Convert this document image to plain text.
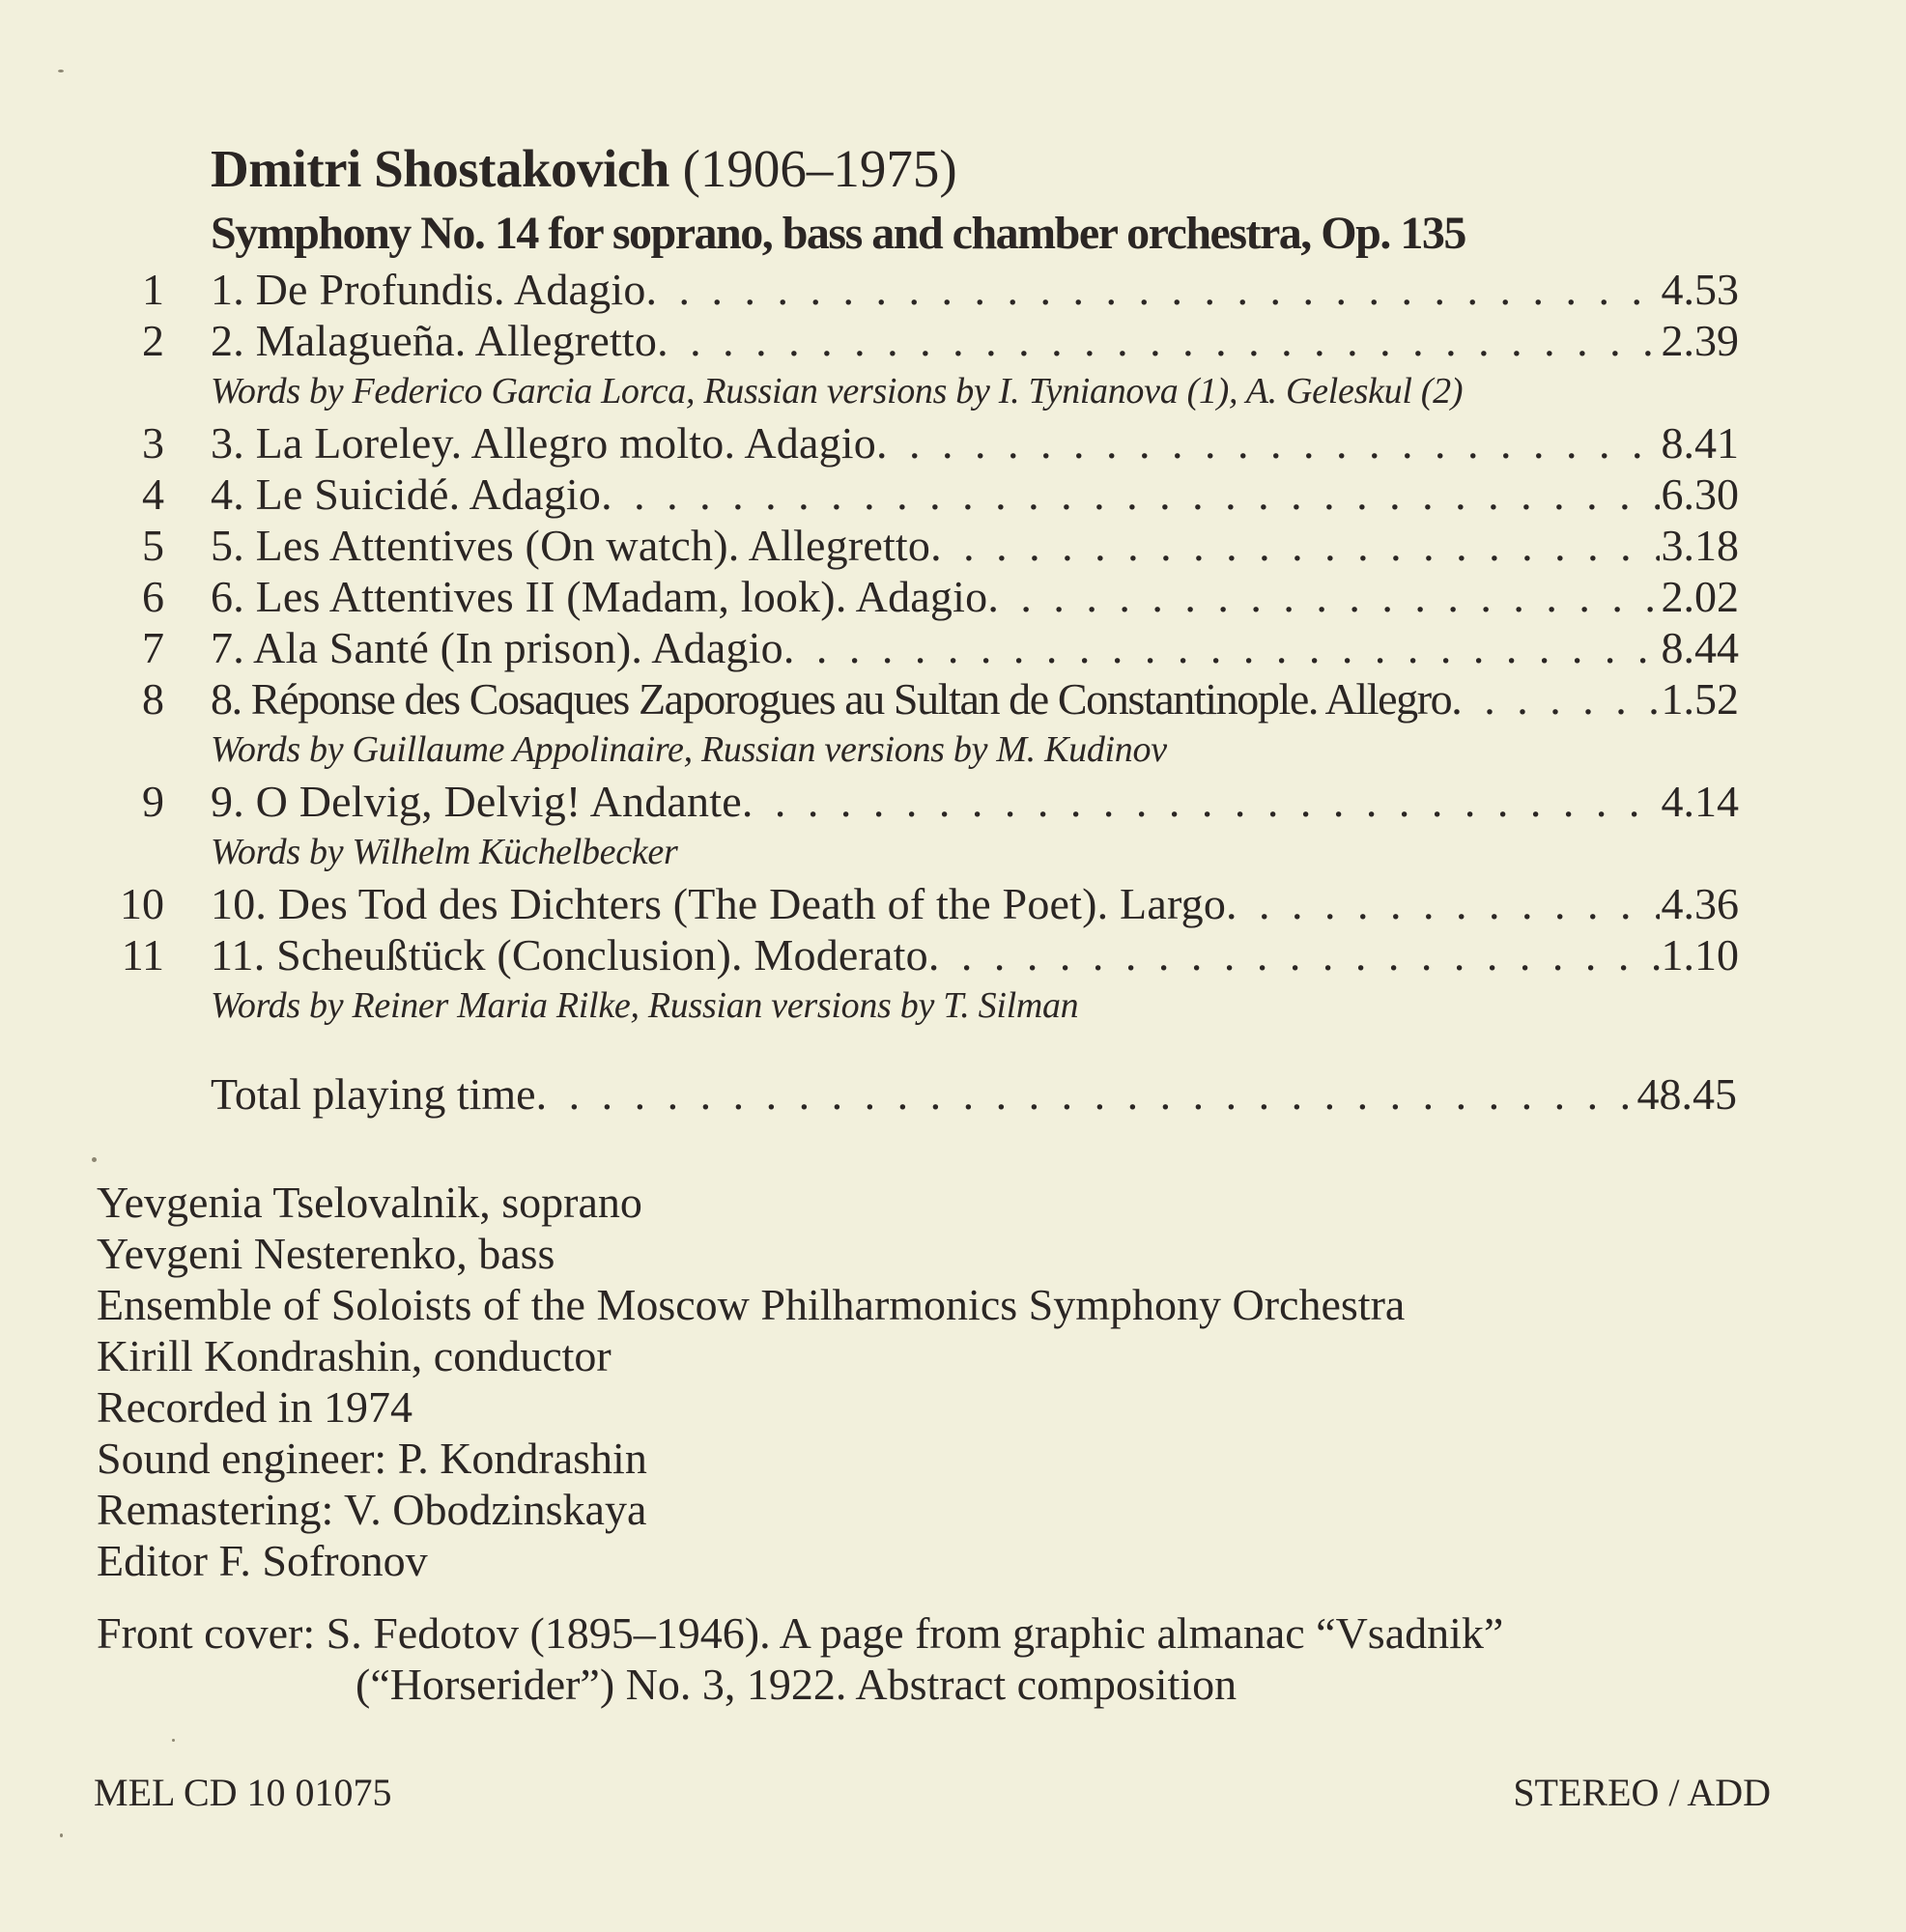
Dmitri Shostakovich (1906–1975)
Symphony No. 14 for soprano, bass and chamber orchestra, Op. 135
1 1. De Profundis. Adagio . . .	4.53
2 2. Malagueña. Allegretto . . .	2.39
Words by Federico Garcia Lorca, Russian versions by I. Tynianova (1), A. Geleskul (2)
3 3. La Loreley. Allegro molto. Adagio . . .	8.41
4 4. Le Suicidé. Adagio . . .	6.30
5 5. Les Attentives (On watch). Allegretto . . .	3.18
6 6. Les Attentives II (Madam, look). Adagio . . .	2.02
7 7. Ala Santé (In prison). Adagio . . .	8.44
8 8. Réponse des Cosaques Zaporogues au Sultan de Constantinople. Allegro . . .	1.52
Words by Guillaume Appolinaire, Russian versions by M. Kudinov
9 9. O Delvig, Delvig! Andante . . .	4.14
Words by Wilhelm Küchelbecker
10 10. Des Tod des Dichters (The Death of the Poet). Largo . . .	4.36
11 11. Scheußtück (Conclusion). Moderato . . .	1.10
Words by Reiner Maria Rilke, Russian versions by T. Silman
Total playing time . . .	48.45
Yevgenia Tselovalnik, soprano
Yevgeni Nesterenko, bass
Ensemble of Soloists of the Moscow Philharmonics Symphony Orchestra
Kirill Kondrashin, conductor
Recorded in 1974
Sound engineer: P. Kondrashin
Remastering: V. Obodzinskaya
Editor F. Sofronov
Front cover: S. Fedotov (1895–1946). A page from graphic almanac “Vsadnik”
(“Horserider”) No. 3, 1922. Abstract composition
MEL CD 10 01075	STEREO / ADD
